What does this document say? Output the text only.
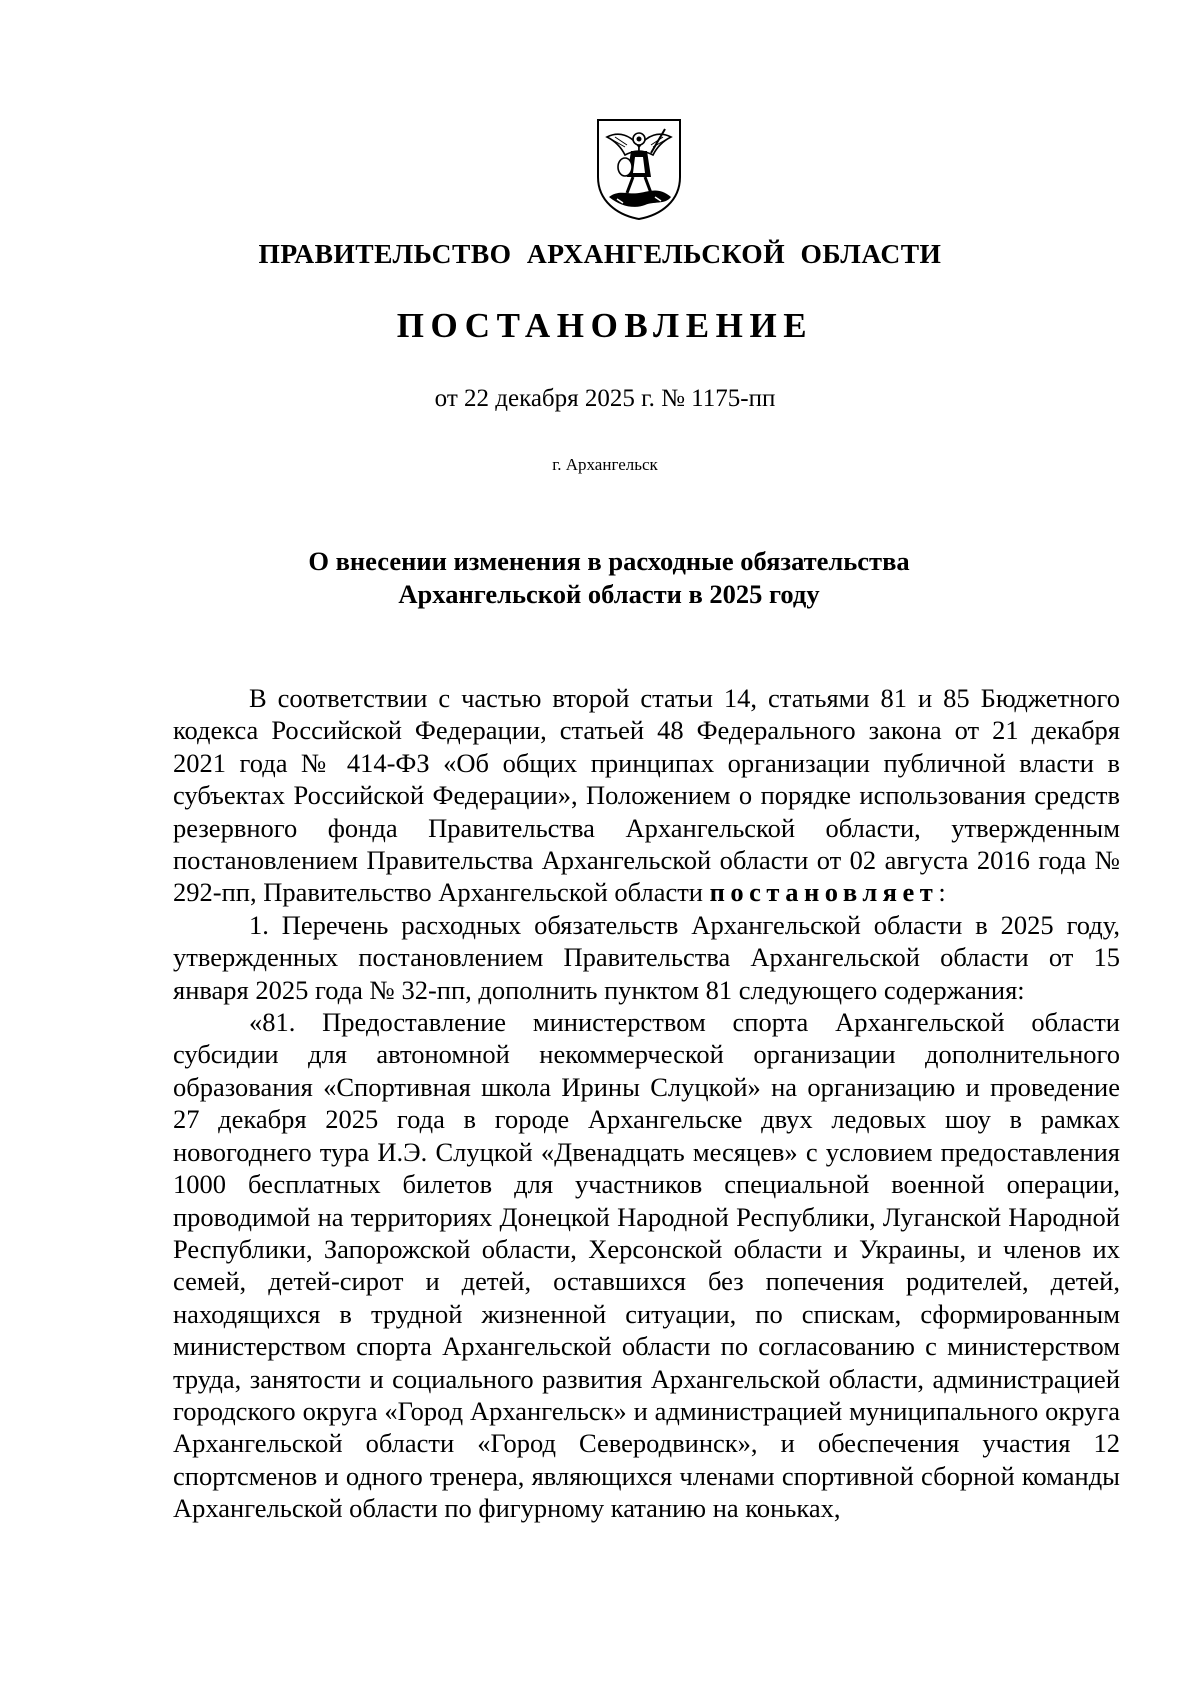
ПРАВИТЕЛЬСТВО АРХАНГЕЛЬСКОЙ ОБЛАСТИ
ПОСТАНОВЛЕНИЕ
от 22 декабря 2025 г. № 1175-пп
г. Архангельск
О внесении изменения в расходные обязательства
Архангельской области в 2025 году

В соответствии с частью второй статьи 14, статьями 81 и 85 Бюджетного кодекса Российской Федерации, статьей 48 Федерального закона от 21 декабря 2021 года № 414-ФЗ «Об общих принципах организации публичной власти в субъектах Российской Федерации», Положением о порядке использования средств резервного фонда Правительства Архангельской области, утвержденным постановлением Правительства Архангельской области от 02 августа 2016 года № 292-пп, Правительство Архангельской области постановляет:

1. Перечень расходных обязательств Архангельской области в 2025 году, утвержденных постановлением Правительства Архангельской области от 15 января 2025 года № 32-пп, дополнить пунктом 81 следующего содержания:

«81. Предоставление министерством спорта Архангельской области субсидии для автономной некоммерческой организации дополнительного образования «Спортивная школа Ирины Слуцкой» на организацию и проведение 27 декабря 2025 года в городе Архангельске двух ледовых шоу в рамках новогоднего тура И.Э. Слуцкой «Двенадцать месяцев» с условием предоставления 1000 бесплатных билетов для участников специальной военной операции, проводимой на территориях Донецкой Народной Республики, Луганской Народной Республики, Запорожской области, Херсонской области и Украины, и членов их семей, детей-сирот и детей, оставшихся без попечения родителей, детей, находящихся в трудной жизненной ситуации, по спискам, сформированным министерством спорта Архангельской области по согласованию с министерством труда, занятости и социального развития Архангельской области, администрацией городского округа «Город Архангельск» и администрацией муниципального округа Архангельской области «Город Северодвинск», и обеспечения участия 12 спортсменов и одного тренера, являющихся членами спортивной сборной команды Архангельской области по фигурному катанию на коньках,
